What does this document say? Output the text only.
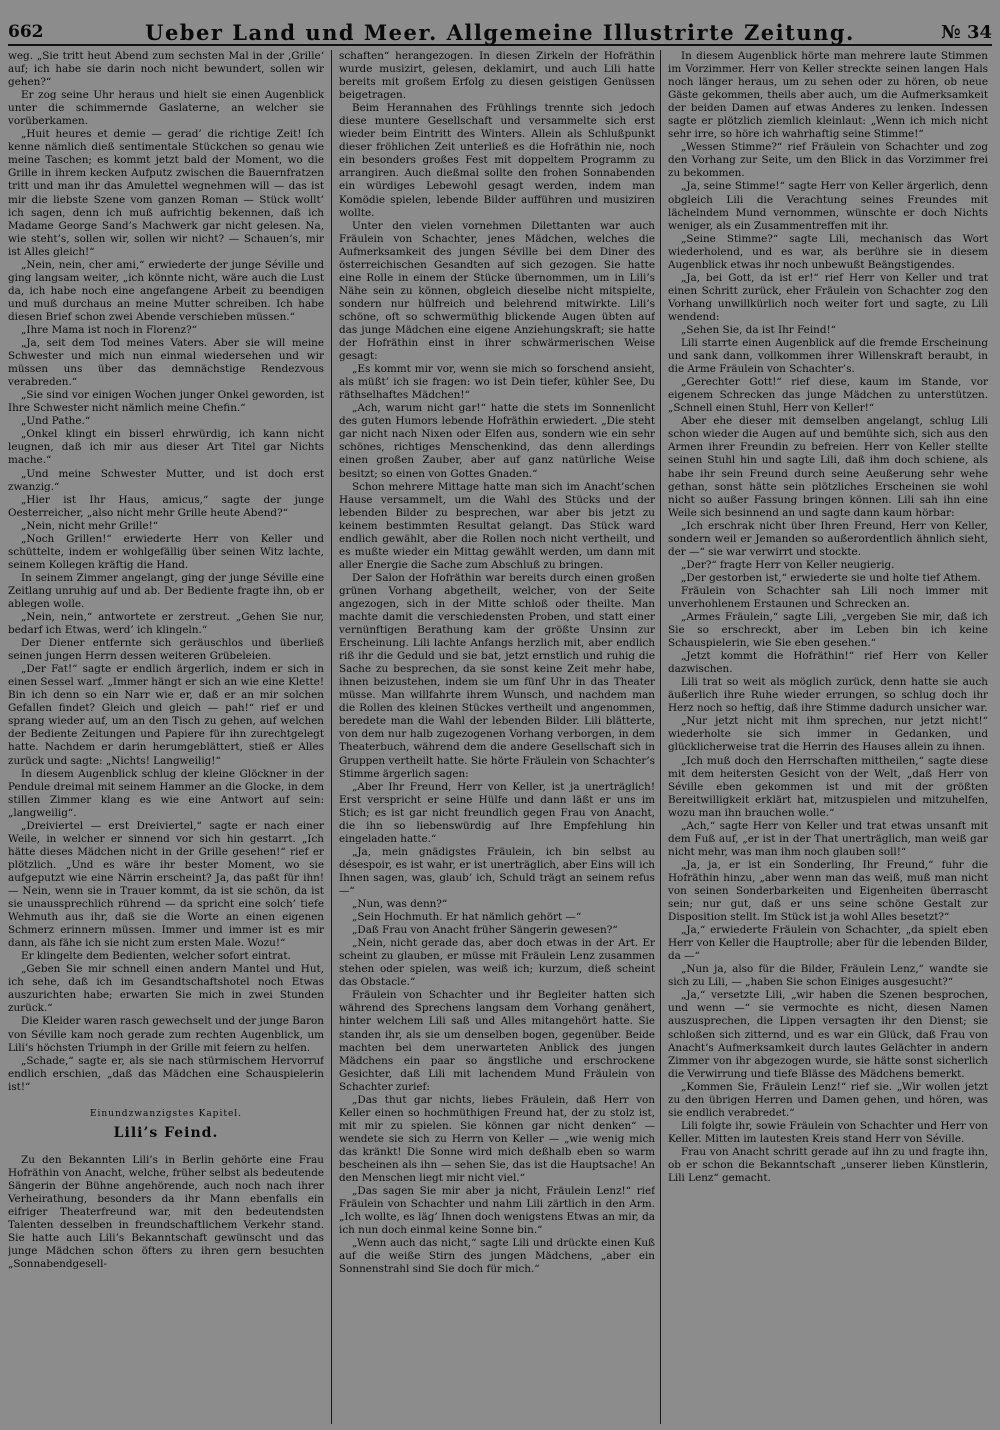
662	Ueber Land und Meer. Allgemeine Illustrirte Zeitung.	№ 34

weg. „Sie tritt heut Abend zum sechsten Mal in der ‚Grille‘ auf; ich habe sie darin noch nicht bewundert, sollen wir gehen?“

Er zog seine Uhr heraus und hielt sie einen Augenblick unter die schimmernde Gaslaterne, an welcher sie vorüberkamen.

„Huit heures et demie — gerad’ die richtige Zeit! Ich kenne nämlich dieß sentimentale Stückchen so genau wie meine Taschen; es kommt jetzt bald der Moment, wo die Grille in ihrem kecken Aufputz zwischen die Bauernfratzen tritt und man ihr das Amulettel wegnehmen will — das ist mir die liebste Szene vom ganzen Roman — Stück wollt’ ich sagen, denn ich muß aufrichtig bekennen, daß ich Madame George Sand’s Machwerk gar nicht gelesen. Na, wie steht’s, sollen wir, sollen wir nicht? — Schauen’s, mir ist Alles gleich!“

„Nein, nein, cher ami,“ erwiederte der junge Séville und ging langsam weiter, „ich könnte nicht, wäre auch die Lust da, ich habe noch eine angefangene Arbeit zu beendigen und muß durchaus an meine Mutter schreiben. Ich habe diesen Brief schon zwei Abende verschieben müssen.“

„Ihre Mama ist noch in Florenz?“

„Ja, seit dem Tod meines Vaters. Aber sie will meine Schwester und mich nun einmal wiedersehen und wir müssen uns über das demnächstige Rendezvous verabreden.“

„Sie sind vor einigen Wochen junger Onkel geworden, ist Ihre Schwester nicht nämlich meine Chefin.“

„Und Pathe.“

„Onkel klingt ein bisserl ehrwürdig, ich kann nicht leugnen, daß ich mir aus dieser Art Titel gar Nichts mache.“

„Und meine Schwester Mutter, und ist doch erst zwanzig.“

„Hier ist Ihr Haus, amicus,“ sagte der junge Oesterreicher, „also nicht mehr Grille heute Abend?“

„Nein, nicht mehr Grille!“

„Noch Grillen!“ erwiederte Herr von Keller und schüttelte, indem er wohlgefällig über seinen Witz lachte, seinem Kollegen kräftig die Hand.

In seinem Zimmer angelangt, ging der junge Séville eine Zeitlang unruhig auf und ab. Der Bediente fragte ihn, ob er ablegen wolle.

„Nein, nein,“ antwortete er zerstreut. „Gehen Sie nur, bedarf ich Etwas, werd’ ich klingeln.“

Der Diener entfernte sich geräuschlos und überließ seinen jungen Herrn dessen weiteren Grübeleien.

„Der Fat!“ sagte er endlich ärgerlich, indem er sich in einen Sessel warf. „Immer hängt er sich an wie eine Klette! Bin ich denn so ein Narr wie er, daß er an mir solchen Gefallen findet? Gleich und gleich — pah!“ rief er und sprang wieder auf, um an den Tisch zu gehen, auf welchen der Bediente Zeitungen und Papiere für ihn zurechtgelegt hatte. Nachdem er darin herumgeblättert, stieß er Alles zurück und sagte: „Nichts! Langweilig!“

In diesem Augenblick schlug der kleine Glöckner in der Pendule dreimal mit seinem Hammer an die Glocke, in dem stillen Zimmer klang es wie eine Antwort auf sein: „langweilig“.

„Dreiviertel — erst Dreiviertel,“ sagte er nach einer Weile, in welcher er sinnend vor sich hin gestarrt. „Ich hätte dieses Mädchen nicht in der Grille gesehen!“ rief er plötzlich. „Und es wäre ihr bester Moment, wo sie aufgeputzt wie eine Närrin erscheint? Ja, das paßt für ihn! — Nein, wenn sie in Trauer kommt, da ist sie schön, da ist sie unaussprechlich rührend — da spricht eine solch’ tiefe Wehmuth aus ihr, daß sie die Worte an einen eigenen Schmerz erinnern müssen. Immer und immer ist es mir dann, als fähe ich sie nicht zum ersten Male. Wozu!“

Er klingelte dem Bedienten, welcher sofort eintrat.

„Geben Sie mir schnell einen andern Mantel und Hut, ich sehe, daß ich im Gesandtschaftshotel noch Etwas auszurichten habe; erwarten Sie mich in zwei Stunden zurück.“

Die Kleider waren rasch gewechselt und der junge Baron von Séville kam noch gerade zum rechten Augenblick, um Lili’s höchsten Triumph in der Grille mit feiern zu helfen.

„Schade,“ sagte er, als sie nach stürmischem Hervorruf endlich erschien, „daß das Mädchen eine Schauspielerin ist!“

Einundzwanzigstes Kapitel.
Lili’s Feind.

Zu den Bekannten Lili’s in Berlin gehörte eine Frau Hofräthin von Anacht, welche, früher selbst als bedeutende Sängerin der Bühne angehörende, auch noch nach ihrer Verheirathung, besonders da ihr Mann ebenfalls ein eifriger Theaterfreund war, mit den bedeutendsten Talenten desselben in freundschaftlichem Verkehr stand. Sie hatte auch Lili’s Bekanntschaft gewünscht und das junge Mädchen schon öfters zu ihren gern besuchten „Sonnabendgesell-

schaften“ herangezogen. In diesen Zirkeln der Hofräthin wurde musizirt, gelesen, deklamirt, und auch Lili hatte bereits mit großem Erfolg zu diesen geistigen Genüssen beigetragen.

Beim Herannahen des Frühlings trennte sich jedoch diese muntere Gesellschaft und versammelte sich erst wieder beim Eintritt des Winters. Allein als Schlußpunkt dieser fröhlichen Zeit unterließ es die Hofräthin nie, noch ein besonders großes Fest mit doppeltem Programm zu arrangiren. Auch dießmal sollte den frohen Sonnabenden ein würdiges Lebewohl gesagt werden, indem man Komödie spielen, lebende Bilder aufführen und musiziren wollte.

Unter den vielen vornehmen Dilettanten war auch Fräulein von Schachter, jenes Mädchen, welches die Aufmerksamkeit des jungen Séville bei dem Diner des österreichischen Gesandten auf sich gezogen. Sie hatte eine Rolle in einem der Stücke übernommen, um in Lili’s Nähe sein zu können, obgleich dieselbe nicht mitspielte, sondern nur hülfreich und belehrend mitwirkte. Lili’s schöne, oft so schwermüthig blickende Augen übten auf das junge Mädchen eine eigene Anziehungskraft; sie hatte der Hofräthin einst in ihrer schwärmerischen Weise gesagt:

„Es kommt mir vor, wenn sie mich so forschend ansieht, als müßt’ ich sie fragen: wo ist Dein tiefer, kühler See, Du räthselhaftes Mädchen!“

„Ach, warum nicht gar!“ hatte die stets im Sonnenlicht des guten Humors lebende Hofräthin erwiedert. „Die steht gar nicht nach Nixen oder Elfen aus, sondern wie ein sehr schönes, richtiges Menschenkind, das denn allerdings einen großen Zauber, aber auf ganz natürliche Weise besitzt; so einen von Gottes Gnaden.“

Schon mehrere Mittage hatte man sich im Anacht’schen Hause versammelt, um die Wahl des Stücks und der lebenden Bilder zu besprechen, war aber bis jetzt zu keinem bestimmten Resultat gelangt. Das Stück ward endlich gewählt, aber die Rollen noch nicht vertheilt, und es mußte wieder ein Mittag gewählt werden, um dann mit aller Energie die Sache zum Abschluß zu bringen.

Der Salon der Hofräthin war bereits durch einen großen grünen Vorhang abgetheilt, welcher, von der Seite angezogen, sich in der Mitte schloß oder theilte. Man machte damit die verschiedensten Proben, und statt einer vernünftigen Berathung kam der größte Unsinn zur Erscheinung. Lili lachte Anfangs herzlich mit, aber endlich riß ihr die Geduld und sie bat, jetzt ernstlich und ruhig die Sache zu besprechen, da sie sonst keine Zeit mehr habe, ihnen beizustehen, indem sie um fünf Uhr in das Theater müsse. Man willfahrte ihrem Wunsch, und nachdem man die Rollen des kleinen Stückes vertheilt und angenommen, beredete man die Wahl der lebenden Bilder. Lili blätterte, von dem nur halb zugezogenen Vorhang verborgen, in dem Theaterbuch, während dem die andere Gesellschaft sich in Gruppen vertheilt hatte. Sie hörte Fräulein von Schachter’s Stimme ärgerlich sagen:

„Aber Ihr Freund, Herr von Keller, ist ja unerträglich! Erst verspricht er seine Hülfe und dann läßt er uns im Stich; es ist gar nicht freundlich gegen Frau von Anacht, die ihn so liebenswürdig auf Ihre Empfehlung hin eingeladen hatte.“

„Ja, mein gnädigstes Fräulein, ich bin selbst au désespoir, es ist wahr, er ist unerträglich, aber Eins will ich Ihnen sagen, was, glaub’ ich, Schuld trägt an seinem refus —“

„Nun, was denn?“

„Sein Hochmuth. Er hat nämlich gehört —“

„Daß Frau von Anacht früher Sängerin gewesen?“

„Nein, nicht gerade das, aber doch etwas in der Art. Er scheint zu glauben, er müsse mit Fräulein Lenz zusammen stehen oder spielen, was weiß ich; kurzum, dieß scheint das Obstacle.“

Fräulein von Schachter und ihr Begleiter hatten sich während des Sprechens langsam dem Vorhang genähert, hinter welchem Lili saß und Alles mitangehört hatte. Sie standen ihr, als sie um denselben bogen, gegenüber. Beide machten bei dem unerwarteten Anblick des jungen Mädchens ein paar so ängstliche und erschrockene Gesichter, daß Lili mit lachendem Mund Fräulein von Schachter zurief:

„Das thut gar nichts, liebes Fräulein, daß Herr von Keller einen so hochmüthigen Freund hat, der zu stolz ist, mit mir zu spielen. Sie können gar nicht denken“ — wendete sie sich zu Herrn von Keller — „wie wenig mich das kränkt! Die Sonne wird mich deßhalb eben so warm bescheinen als ihn — sehen Sie, das ist die Hauptsache! An den Menschen liegt mir nicht viel.“

„Das sagen Sie mir aber ja nicht, Fräulein Lenz!“ rief Fräulein von Schachter und nahm Lili zärtlich in den Arm. „Ich wollte, es läg’ Ihnen doch wenigstens Etwas an mir, da ich nun doch einmal keine Sonne bin.“

„Wenn auch das nicht,“ sagte Lili und drückte einen Kuß auf die weiße Stirn des jungen Mädchens, „aber ein Sonnenstrahl sind Sie doch für mich.“

In diesem Augenblick hörte man mehrere laute Stimmen im Vorzimmer. Herr von Keller streckte seinen langen Hals noch länger heraus, um zu sehen oder zu hören, ob neue Gäste gekommen, theils aber auch, um die Aufmerksamkeit der beiden Damen auf etwas Anderes zu lenken. Indessen sagte er plötzlich ziemlich kleinlaut: „Wenn ich mich nicht sehr irre, so höre ich wahrhaftig seine Stimme!“

„Wessen Stimme?“ rief Fräulein von Schachter und zog den Vorhang zur Seite, um den Blick in das Vorzimmer frei zu bekommen.

„Ja, seine Stimme!“ sagte Herr von Keller ärgerlich, denn obgleich Lili die Verachtung seines Freundes mit lächelndem Mund vernommen, wünschte er doch Nichts weniger, als ein Zusammentreffen mit ihr.

„Seine Stimme?“ sagte Lili, mechanisch das Wort wiederholend, und es war, als berühre sie in diesem Augenblick etwas ihr noch unbewußt Beängstigendes.

„Ja, bei Gott, da ist er!“ rief Herr von Keller und trat einen Schritt zurück, eher Fräulein von Schachter zog den Vorhang unwillkürlich noch weiter fort und sagte, zu Lili wendend:

„Sehen Sie, da ist Ihr Feind!“

Lili starrte einen Augenblick auf die fremde Erscheinung und sank dann, vollkommen ihrer Willenskraft beraubt, in die Arme Fräulein von Schachter’s.

„Gerechter Gott!“ rief diese, kaum im Stande, vor eigenem Schrecken das junge Mädchen zu unterstützen. „Schnell einen Stuhl, Herr von Keller!“

Aber ehe dieser mit demselben angelangt, schlug Lili schon wieder die Augen auf und bemühte sich, sich aus den Armen ihrer Freundin zu befreien. Herr von Keller stellte seinen Stuhl hin und sagte Lili, daß ihm doch schiene, als habe ihr sein Freund durch seine Aeußerung sehr wehe gethan, sonst hätte sein plötzliches Erscheinen sie wohl nicht so außer Fassung bringen können. Lili sah ihn eine Weile sich besinnend an und sagte dann kaum hörbar:

„Ich erschrak nicht über Ihren Freund, Herr von Keller, sondern weil er Jemanden so außerordentlich ähnlich sieht, der —“ sie war verwirrt und stockte.

„Der?“ fragte Herr von Keller neugierig.

„Der gestorben ist,“ erwiederte sie und holte tief Athem.

Fräulein von Schachter sah Lili noch immer mit unverhohlenem Erstaunen und Schrecken an.

„Armes Fräulein,“ sagte Lili, „vergeben Sie mir, daß ich Sie so erschreckt, aber im Leben bin ich keine Schauspielerin, wie Sie eben gesehen.“

„Jetzt kommt die Hofräthin!“ rief Herr von Keller dazwischen.

Lili trat so weit als möglich zurück, denn hatte sie auch äußerlich ihre Ruhe wieder errungen, so schlug doch ihr Herz noch so heftig, daß ihre Stimme dadurch unsicher war.

„Nur jetzt nicht mit ihm sprechen, nur jetzt nicht!“ wiederholte sie sich immer in Gedanken, und glücklicherweise trat die Herrin des Hauses allein zu ihnen.

„Ich muß doch den Herrschaften mittheilen,“ sagte diese mit dem heitersten Gesicht von der Welt, „daß Herr von Séville eben gekommen ist und mit der größten Bereitwilligkeit erklärt hat, mitzuspielen und mitzuhelfen, wozu man ihn brauchen wolle.“

„Ach,“ sagte Herr von Keller und trat etwas unsanft mit dem Fuß auf, „er ist in der That unerträglich, man weiß gar nicht mehr, was man ihm noch glauben soll!“

„Ja, ja, er ist ein Sonderling, Ihr Freund,“ fuhr die Hofräthin hinzu, „aber wenn man das weiß, muß man nicht von seinen Sonderbarkeiten und Eigenheiten überrascht sein; nur gut, daß er uns seine schöne Gestalt zur Disposition stellt. Im Stück ist ja wohl Alles besetzt?“

„Ja,“ erwiederte Fräulein von Schachter, „da spielt eben Herr von Keller die Hauptrolle; aber für die lebenden Bilder, da —“

„Nun ja, also für die Bilder, Fräulein Lenz,“ wandte sie sich zu Lili, — „haben Sie schon Einiges ausgesucht?“

„Ja,“ versetzte Lili, „wir haben die Szenen besprochen, und wenn —“ sie vermochte es nicht, diesen Namen auszusprechen, die Lippen versagten ihr den Dienst; sie schloßen sich zitternd, und es war ein Glück, daß Frau von Anacht’s Aufmerksamkeit durch lautes Gelächter in andern Zimmer von ihr abgezogen wurde, sie hätte sonst sicherlich die Verwirrung und tiefe Blässe des Mädchens bemerkt.

„Kommen Sie, Fräulein Lenz!“ rief sie. „Wir wollen jetzt zu den übrigen Herren und Damen gehen, und hören, was sie endlich verabredet.“

Lili folgte ihr, sowie Fräulein von Schachter und Herr von Keller. Mitten im lautesten Kreis stand Herr von Séville.

Frau von Anacht schritt gerade auf ihn zu und fragte ihn, ob er schon die Bekanntschaft „unserer lieben Künstlerin, Lili Lenz“ gemacht.
